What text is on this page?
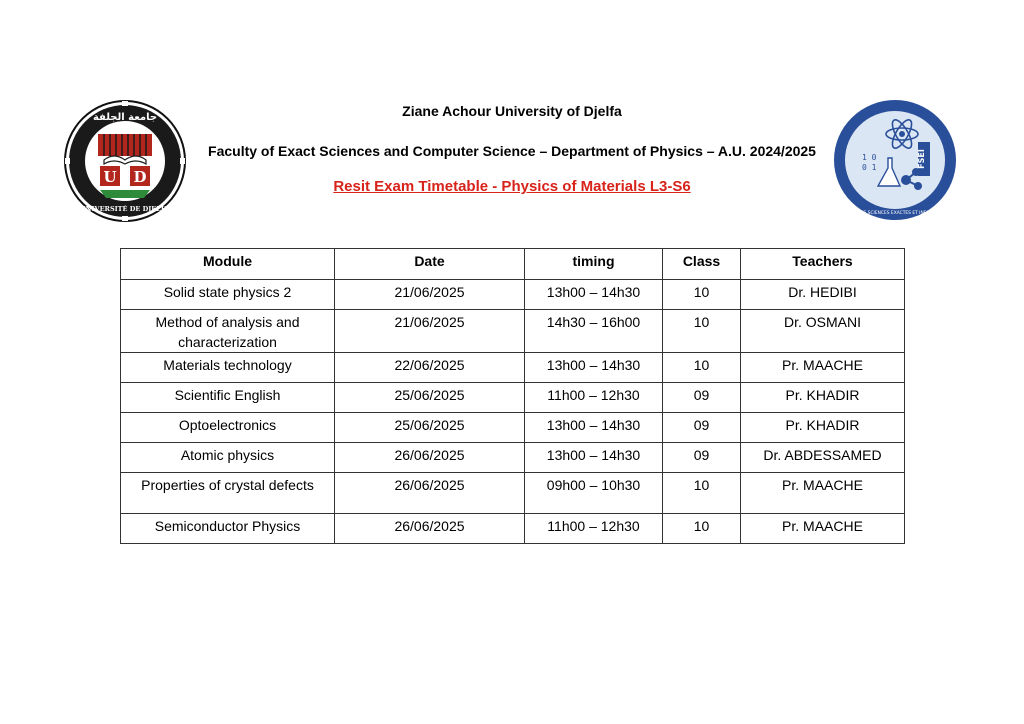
جامعة الجلفة
1990
U D
UNIVERSITÉ DE DJELFA
Ziane Achour University of Djelfa
Faculty of Exact Sciences and Computer Science – Department of Physics – A.U. 2024/2025
Resit Exam Timetable - Physics of Materials L3-S6
1 0
0 1	FSEI
FACULTÉ DES SCIENCES EXACTES ET INFORMATIQUE
Module	Date	timing	Class	Teachers
Solid state physics 2	21/06/2025	13h00 – 14h30	10	Dr. HEDIBI
Method of analysis and characterization	21/06/2025	14h30 – 16h00	10	Dr. OSMANI
Materials technology	22/06/2025	13h00 – 14h30	10	Pr. MAACHE
Scientific English	25/06/2025	11h00 – 12h30	09	Pr. KHADIR
Optoelectronics	25/06/2025	13h00 – 14h30	09	Pr. KHADIR
Atomic physics	26/06/2025	13h00 – 14h30	09	Dr. ABDESSAMED
Properties of crystal defects	26/06/2025	09h00 – 10h30	10	Pr. MAACHE
Semiconductor Physics	26/06/2025	11h00 – 12h30	10	Pr. MAACHE
